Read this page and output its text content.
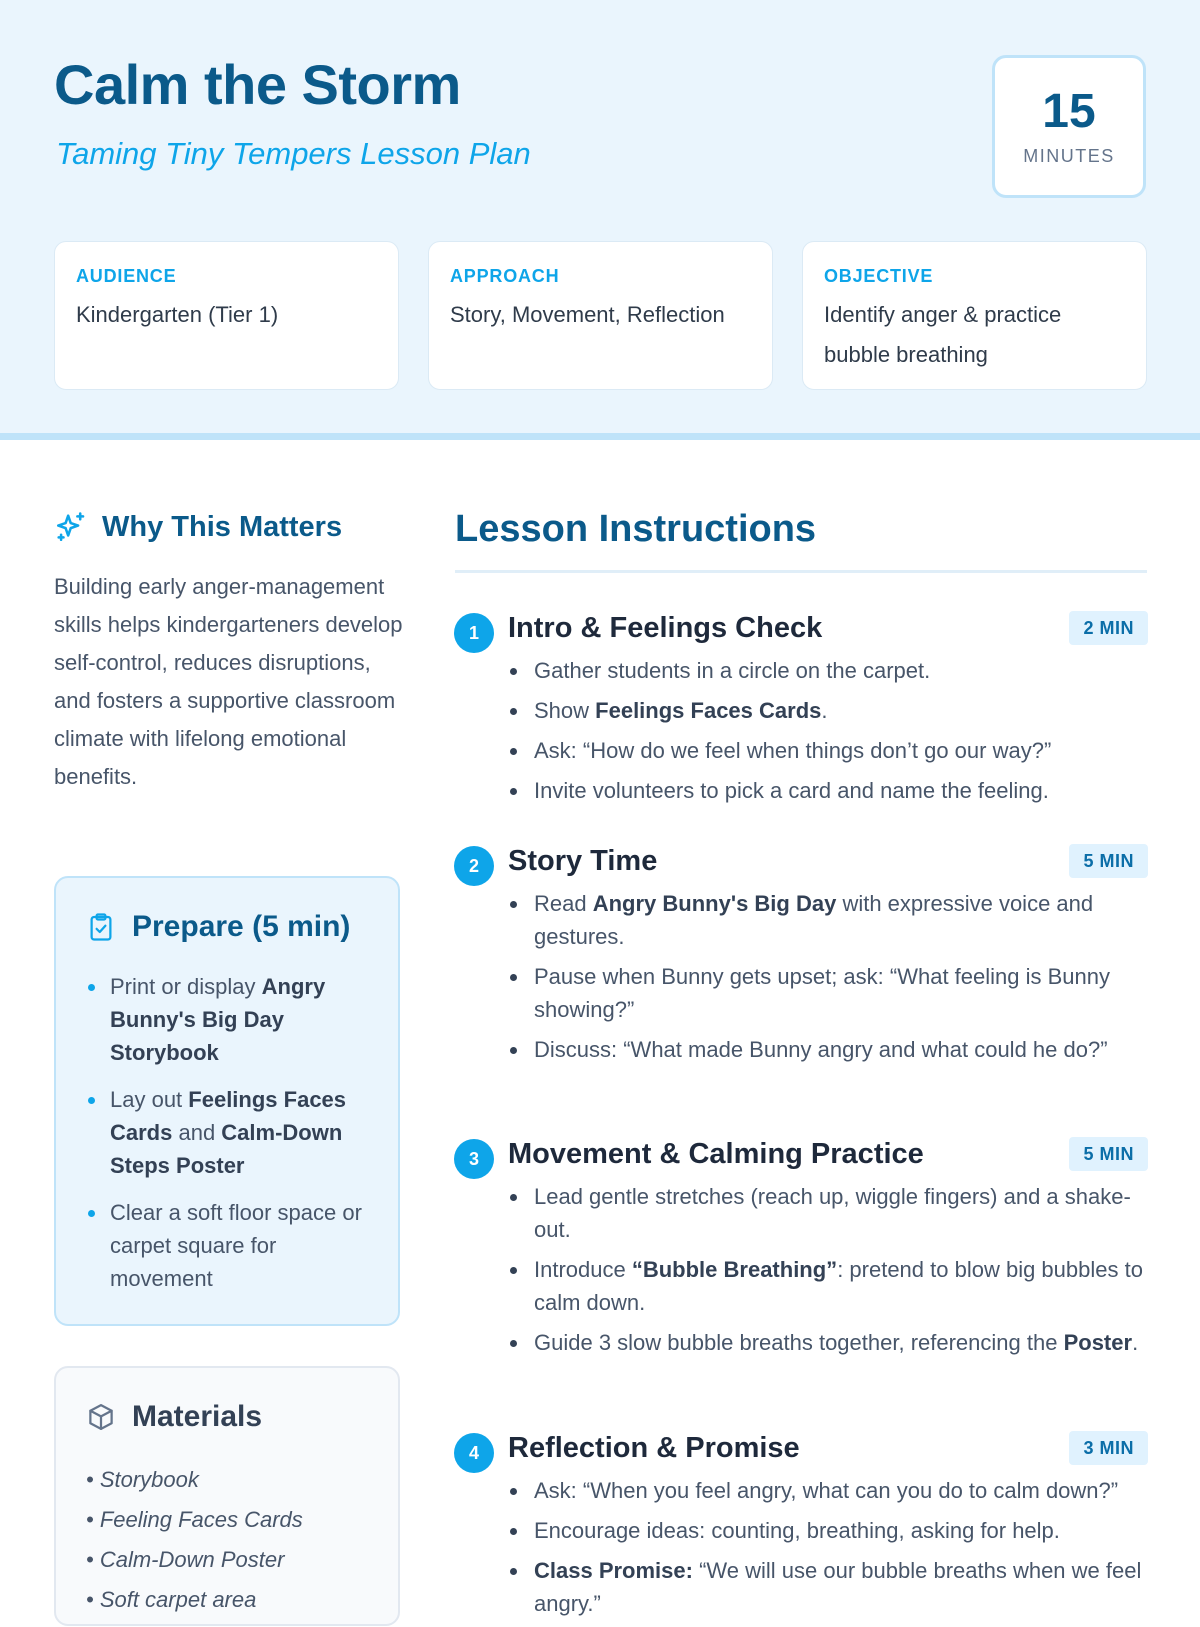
Calm the Storm
Taming Tiny Tempers Lesson Plan
15
MINUTES
AUDIENCE
Kindergarten (Tier 1)
APPROACH
Story, Movement, Reflection
OBJECTIVE
Identify anger & practice bubble breathing
Why This Matters

Building early anger-management skills helps kindergarteners develop self-control, reduces disruptions, and fosters a supportive classroom climate with lifelong emotional benefits.

Prepare (5 min)
Print or display Angry Bunny's Big Day Storybook
Lay out Feelings Faces Cards and Calm-Down Steps Poster
Clear a soft floor space or carpet square for movement
Materials
• Storybook
• Feeling Faces Cards
• Calm-Down Poster
• Soft carpet area
Lesson Instructions
1	Intro & Feelings Check	2 MIN
Gather students in a circle on the carpet.
Show Feelings Faces Cards.
Ask: “How do we feel when things don’t go our way?”
Invite volunteers to pick a card and name the feeling.
2	Story Time	5 MIN
Read Angry Bunny's Big Day with expressive voice and gestures.
Pause when Bunny gets upset; ask: “What feeling is Bunny showing?”
Discuss: “What made Bunny angry and what could he do?”
3	Movement & Calming Practice	5 MIN
Lead gentle stretches (reach up, wiggle fingers) and a shake-out.
Introduce “Bubble Breathing”: pretend to blow big bubbles to calm down.
Guide 3 slow bubble breaths together, referencing the Poster.
4	Reflection & Promise	3 MIN
Ask: “When you feel angry, what can you do to calm down?”
Encourage ideas: counting, breathing, asking for help.
Class Promise: “We will use our bubble breaths when we feel angry.”
